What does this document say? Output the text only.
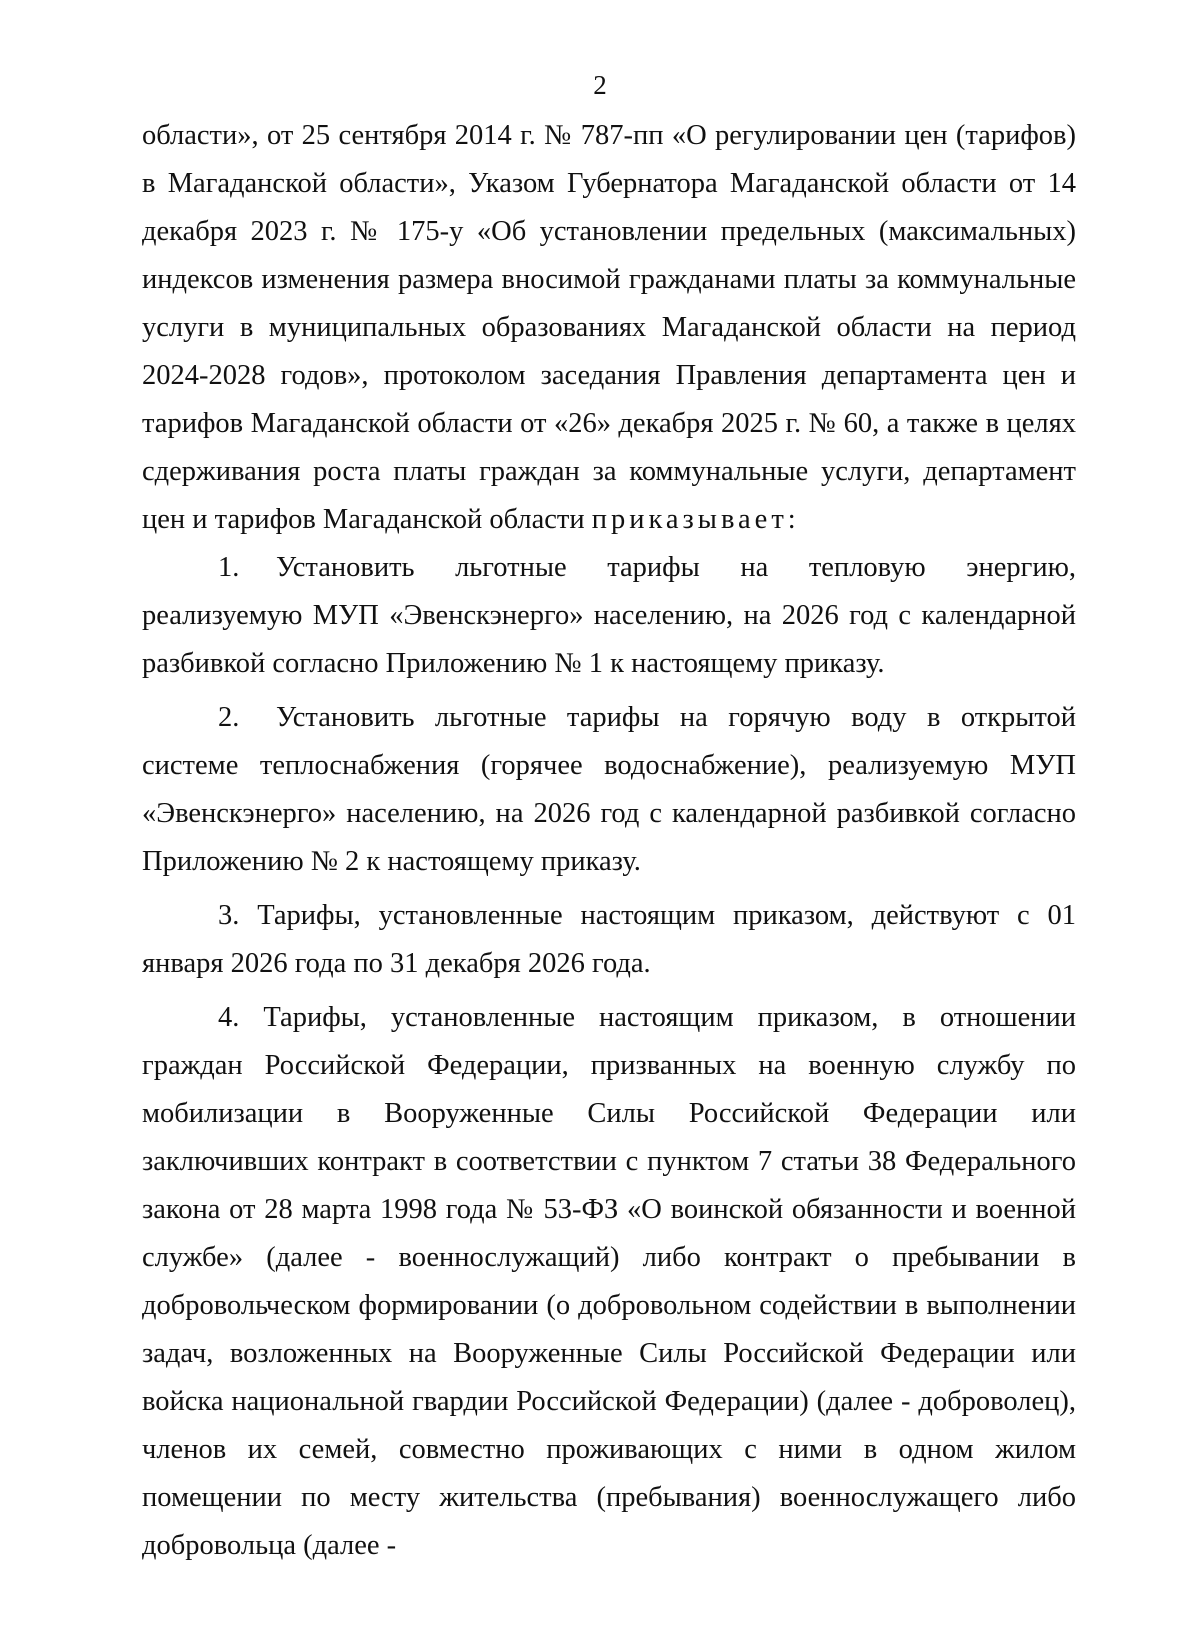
2

области», от 25 сентября 2014 г. № 787-пп «О регулировании цен (тарифов) в Магаданской области», Указом Губернатора Магаданской области от 14 декабря 2023 г. № 175-у «Об установлении предельных (максимальных) индексов изменения размера вносимой гражданами платы за коммунальные услуги в муниципальных образованиях Магаданской области на период 2024-2028 годов», протоколом заседания Правления департамента цен и тарифов Магаданской области от «26» декабря 2025 г. № 60, а также в целях сдерживания роста платы граждан за коммунальные услуги, департамент цен и тарифов Магаданской области приказывает:

1. Установить льготные тарифы на тепловую энергию, реализуемую МУП «Эвенскэнерго» населению, на 2026 год с календарной разбивкой согласно Приложению № 1 к настоящему приказу.

2. Установить льготные тарифы на горячую воду в открытой системе теплоснабжения (горячее водоснабжение), реализуемую МУП «Эвенскэнерго» населению, на 2026 год с календарной разбивкой согласно Приложению № 2 к настоящему приказу.

3. Тарифы, установленные настоящим приказом, действуют с 01 января 2026 года по 31 декабря 2026 года.

4. Тарифы, установленные настоящим приказом, в отношении граждан Российской Федерации, призванных на военную службу по мобилизации в Вооруженные Силы Российской Федерации или заключивших контракт в соответствии с пунктом 7 статьи 38 Федерального закона от 28 марта 1998 года № 53-ФЗ «О воинской обязанности и военной службе» (далее - военнослужащий) либо контракт о пребывании в добровольческом формировании (о добровольном содействии в выполнении задач, возложенных на Вооруженные Силы Российской Федерации или войска национальной гвардии Российской Федерации) (далее - доброволец), членов их семей, совместно проживающих с ними в одном жилом помещении по месту жительства (пребывания) военнослужащего либо добровольца (далее -
